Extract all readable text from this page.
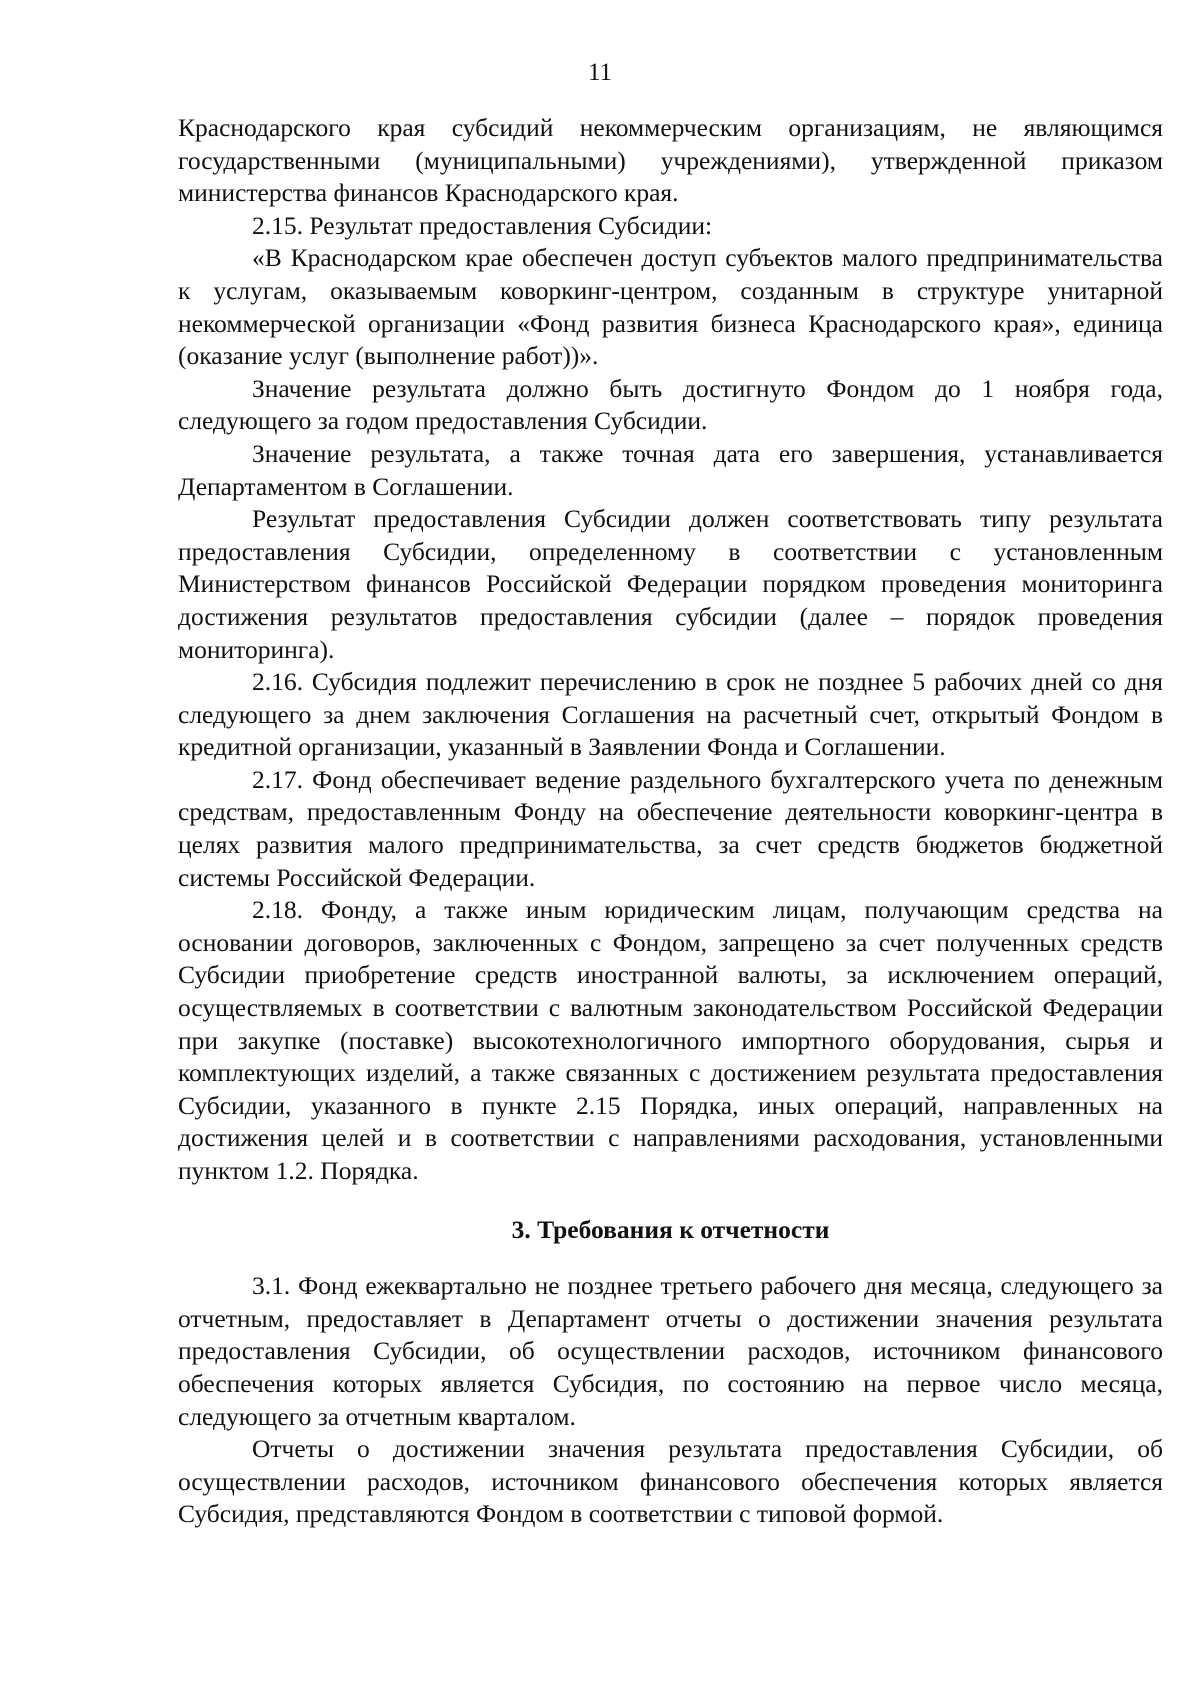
11

Краснодарского края субсидий некоммерческим организациям, не являющимся государственными (муниципальными) учреждениями), утвержденной приказом министерства финансов Краснодарского края.

2.15. Результат предоставления Субсидии:

«В Краснодарском крае обеспечен доступ субъектов малого предпринимательства к услугам, оказываемым коворкинг-центром, созданным в структуре унитарной некоммерческой организации «Фонд развития бизнеса Краснодарского края», единица (оказание услуг (выполнение работ))».

Значение результата должно быть достигнуто Фондом до 1 ноября года, следующего за годом предоставления Субсидии.

Значение результата, а также точная дата его завершения, устанавливается Департаментом в Соглашении.

Результат предоставления Субсидии должен соответствовать типу результата предоставления Субсидии, определенному в соответствии с установленным Министерством финансов Российской Федерации порядком проведения мониторинга достижения результатов предоставления субсидии (далее – порядок проведения мониторинга).

2.16. Субсидия подлежит перечислению в срок не позднее 5 рабочих дней со дня следующего за днем заключения Соглашения на расчетный счет, открытый Фондом в кредитной организации, указанный в Заявлении Фонда и Соглашении.

2.17. Фонд обеспечивает ведение раздельного бухгалтерского учета по денежным средствам, предоставленным Фонду на обеспечение деятельности коворкинг-центра в целях развития малого предпринимательства, за счет средств бюджетов бюджетной системы Российской Федерации.

2.18. Фонду, а также иным юридическим лицам, получающим средства на основании договоров, заключенных с Фондом, запрещено за счет полученных средств Субсидии приобретение средств иностранной валюты, за исключением операций, осуществляемых в соответствии с валютным законодательством Российской Федерации при закупке (поставке) высокотехнологичного импортного оборудования, сырья и комплектующих изделий, а также связанных с достижением результата предоставления Субсидии, указанного в пункте 2.15 Порядка, иных операций, направленных на достижения целей и в соответствии с направлениями расходования, установленными пунктом 1.2. Порядка.

3. Требования к отчетности

3.1. Фонд ежеквартально не позднее третьего рабочего дня месяца, следующего за отчетным, предоставляет в Департамент отчеты о достижении значения результата предоставления Субсидии, об осуществлении расходов, источником финансового обеспечения которых является Субсидия, по состоянию на первое число месяца, следующего за отчетным кварталом.

Отчеты о достижении значения результата предоставления Субсидии, об осуществлении расходов, источником финансового обеспечения которых является Субсидия, представляются Фондом в соответствии с типовой формой.
